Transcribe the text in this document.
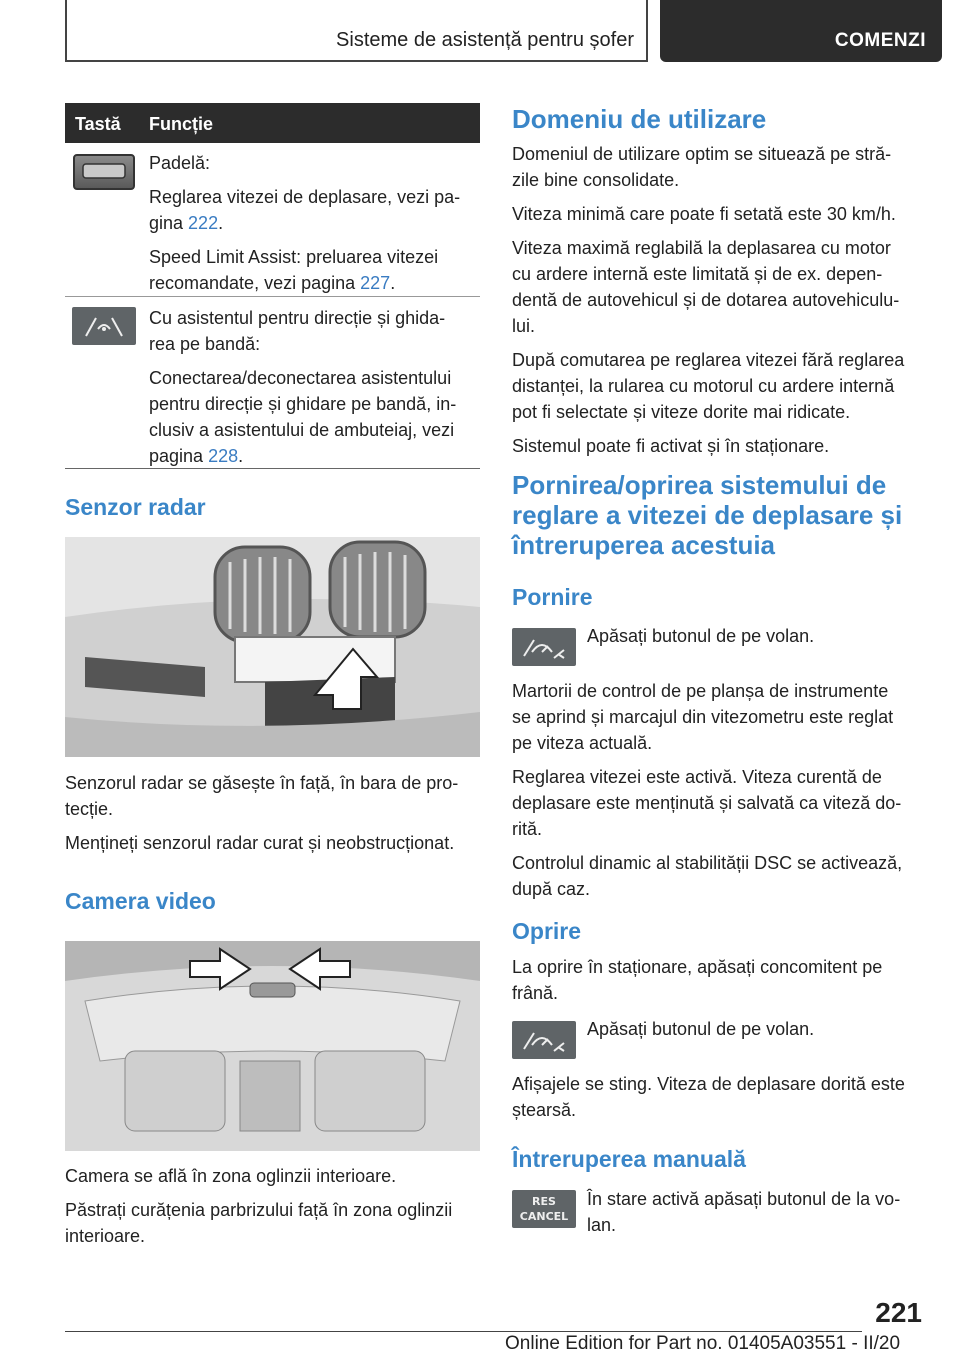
Sisteme de asistență pentru șofer	COMENZI
Tastă Funcție
Padelă:
Reglarea vitezei de deplasare, vezi pa-
gina 222.
Speed Limit Assist: preluarea vitezei
recomandate, vezi pagina 227.
Cu asistentul pentru direcție și ghida-
rea pe bandă:
Conectarea/deconectarea asistentului
pentru direcție și ghidare pe bandă, in-
clusiv a asistentului de ambuteiaj, vezi
pagina 228.
Senzor radar
Senzorul radar se găsește în față, în bara de pro-
tecție.
Mențineți senzorul radar curat și neobstrucționat.
Camera video
Camera se află în zona oglinzii interioare.
Păstrați curățenia parbrizului față în zona oglinzii
interioare.
Domeniu de utilizare
Domeniul de utilizare optim se situează pe stră-
zile bine consolidate.
Viteza minimă care poate fi setată este 30 km/h.
Viteza maximă reglabilă la deplasarea cu motor
cu ardere internă este limitată și de ex. depen-
dentă de autovehicul și de dotarea autovehiculu-
lui.
După comutarea pe reglarea vitezei fără reglarea
distanței, la rularea cu motorul cu ardere internă
pot fi selectate și viteze dorite mai ridicate.
Sistemul poate fi activat și în staționare.
Pornirea/oprirea sistemului de
reglare a vitezei de deplasare și
întreruperea acestuia
Pornire
Apăsați butonul de pe volan.
Martorii de control de pe planșa de instrumente
se aprind și marcajul din vitezometru este reglat
pe viteza actuală.
Reglarea vitezei este activă. Viteza curentă de
deplasare este menținută și salvată ca viteză do-
rită.
Controlul dinamic al stabilității DSC se activează,
după caz.
Oprire
La oprire în staționare, apăsați concomitent pe
frână.
Apăsați butonul de pe volan.
Afișajele se sting. Viteza de deplasare dorită este
ștearsă.
Întreruperea manuală
RES
CANCEL
În stare activă apăsați butonul de la vo-
lan.
221
Online Edition for Part no. 01405A03551 - II/20
